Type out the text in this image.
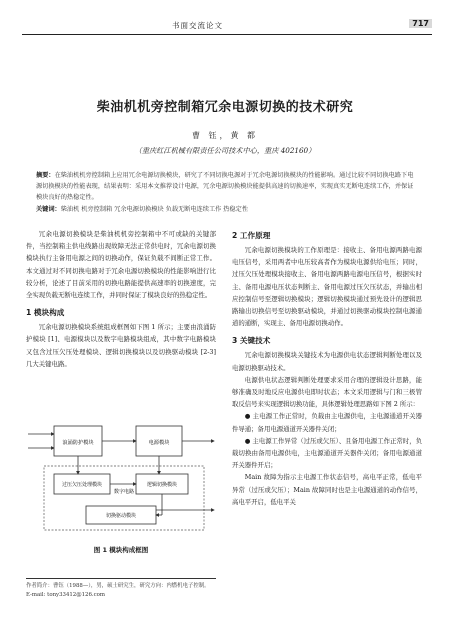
书面交流论文	717
柴油机机旁控制箱冗余电源切换的技术研究
曹 钰，黄 都
（重庆红江机械有限责任公司技术中心，重庆 402160）
摘要：在柴油机机旁控制箱上应用冗余电源切换模块，研究了不同切换电源对于冗余电源切换模块的性能影响。通过比较不同切换电路下电源切换模块的性能表现，结果表明：采用本文推荐设计电源，冗余电源切换模块能提供高速的切换速率，实现真实无断电连续工作，并保证模块良好的热稳定性。
关键词：柴油机 机旁控制箱 冗余电源切换模块 负载无断电连续工作 热稳定性

冗余电源切换模块是柴油机机旁控制箱中不可或缺的关键部件，当控制箱主供电线路出现故障无法正常供电时，冗余电源切换模块执行主备用电源之间的切换动作，保证负载不间断正常工作。本文通过对不同切换电路对于冗余电源切换模块的性能影响进行比较分析，论述了目前采用的切换电路能提供高速率的切换速度，完全实现负载无断电连续工作，并同时保证了模块良好的热稳定性。

1 模块构成

冗余电源切换模块系统组成框图如下图 1 所示；主要由浪涌防护模块 [1]、电源模块以及数字电路模块组成，其中数字电路模块又包含过压欠压处理模块、逻辑切换模块以及切换驱动模块 [2-3] 几大关键电路。

浪涌防护模块	电源模块
数字电路
过压欠压处理模块	逻辑切换模块
切换驱动模块
图 1 模块构成框图
作者简介：曹钰（1988—），男，硕士研究生，研究方向：内燃机电子控制。
E-mail: tony33412@126.com
2 工作原理

冗余电源切换模块的工作原理是：接收主、备用电源两路电源电压信号，采用两者中电压较高者作为模块电源供给电压；同时，过压欠压处理模块接收主、备用电源两路电源电压信号，根据实时主、备用电源电压状态判断主、备用电源过压欠压状态，并输出相应控制信号至逻辑切换模块；逻辑切换模块通过预先设计的逻辑思路输出切换信号至切换驱动模块，并通过切换驱动模块控制电源通道的通断，实现主、备用电源切换动作。

3 关键技术

冗余电源切换模块关键技术为电源供电状态逻辑判断处理以及电源切换驱动技术。

电源供电状态逻辑判断处理要求采用合理的逻辑设计思路，能够准确及时地反应电源供电即时状态；本文采用逻辑与门和三极管取反信号来实现逻辑切换功能，具体逻辑处理思路如下图 2 所示：

● 主电源工作正常时，负载由主电源供电，主电源通道开关器件导通；备用电源通道开关器件关闭；

● 主电源工作异常（过压或欠压）、且备用电源工作正常时，负载切换由备用电源供电，主电源通道开关器件关闭；备用电源通道开关器件开启；

Main 故障为指示主电源工作状态信号，高电平正常，低电平异常（过压或欠压）；Main 故障同时也是主电源通道的动作信号，高电平开启，低电平关
